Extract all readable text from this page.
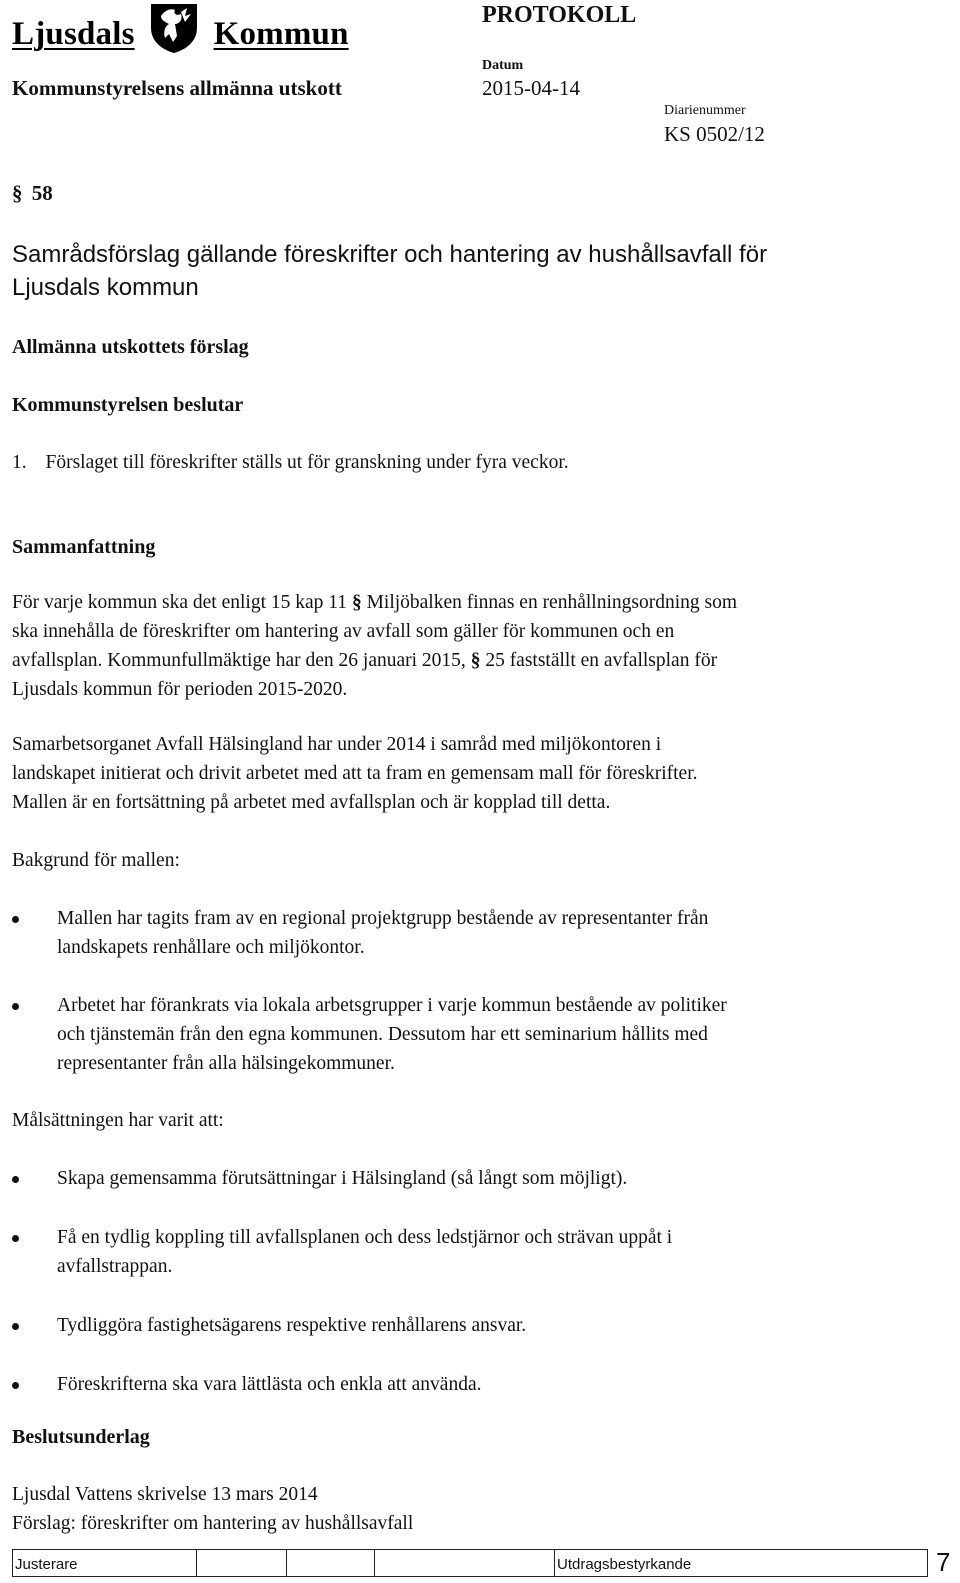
Ljusdals Kommun
PROTOKOLL
Kommunstyrelsens allmänna utskott
Datum
2015-04-14
Diarienummer
KS 0502/12
§ 58
Samrådsförslag gällande föreskrifter och hantering av hushållsavfall för
Ljusdals kommun
Allmänna utskottets förslag
Kommunstyrelsen beslutar
1. Förslaget till föreskrifter ställs ut för granskning under fyra veckor.
Sammanfattning
För varje kommun ska det enligt 15 kap 11 § Miljöbalken finnas en renhållningsordning som
ska innehålla de föreskrifter om hantering av avfall som gäller för kommunen och en
avfallsplan. Kommunfullmäktige har den 26 januari 2015, § 25 fastställt en avfallsplan för
Ljusdals kommun för perioden 2015-2020.
Samarbetsorganet Avfall Hälsingland har under 2014 i samråd med miljökontoren i
landskapet initierat och drivit arbetet med att ta fram en gemensam mall för föreskrifter.
Mallen är en fortsättning på arbetet med avfallsplan och är kopplad till detta.
Bakgrund för mallen:
Mallen har tagits fram av en regional projektgrupp bestående av representanter från
landskapets renhållare och miljökontor.
Arbetet har förankrats via lokala arbetsgrupper i varje kommun bestående av politiker
och tjänstemän från den egna kommunen. Dessutom har ett seminarium hållits med
representanter från alla hälsingekommuner.
Målsättningen har varit att:
Skapa gemensamma förutsättningar i Hälsingland (så långt som möjligt).
Få en tydlig koppling till avfallsplanen och dess ledstjärnor och strävan uppåt i
avfallstrappan.
Tydliggöra fastighetsägarens respektive renhållarens ansvar.
Föreskrifterna ska vara lättlästa och enkla att använda.
Beslutsunderlag
Ljusdal Vattens skrivelse 13 mars 2014
Förslag: föreskrifter om hantering av hushållsavfall
Justerare	Utdragsbestyrkande	7
